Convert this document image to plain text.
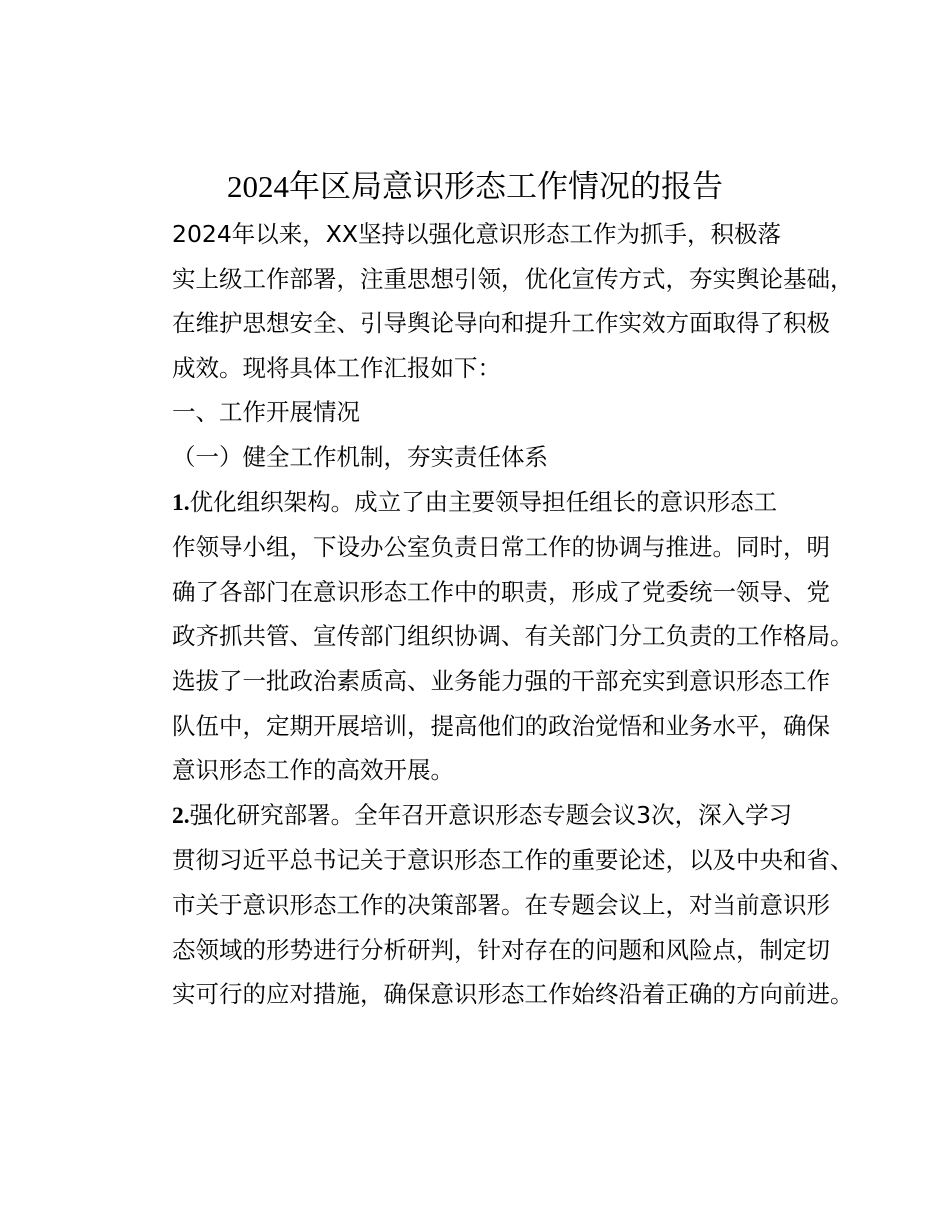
2024年区局意识形态工作情况的报告

2024年以来，XX坚持以强化意识形态工作为抓手，积极落
实上级工作部署，注重思想引领，优化宣传方式，夯实舆论基础，
在维护思想安全、引导舆论导向和提升工作实效方面取得了积极
成效。现将具体工作汇报如下：

一、工作开展情况

（一）健全工作机制，夯实责任体系

1.优化组织架构。成立了由主要领导担任组长的意识形态工
作领导小组，下设办公室负责日常工作的协调与推进。同时，明
确了各部门在意识形态工作中的职责，形成了党委统一领导、党
政齐抓共管、宣传部门组织协调、有关部门分工负责的工作格局。
选拔了一批政治素质高、业务能力强的干部充实到意识形态工作
队伍中，定期开展培训，提高他们的政治觉悟和业务水平，确保
意识形态工作的高效开展。

2.强化研究部署。全年召开意识形态专题会议3次，深入学习
贯彻习近平总书记关于意识形态工作的重要论述，以及中央和省、
市关于意识形态工作的决策部署。在专题会议上，对当前意识形
态领域的形势进行分析研判，针对存在的问题和风险点，制定切
实可行的应对措施，确保意识形态工作始终沿着正确的方向前进。
